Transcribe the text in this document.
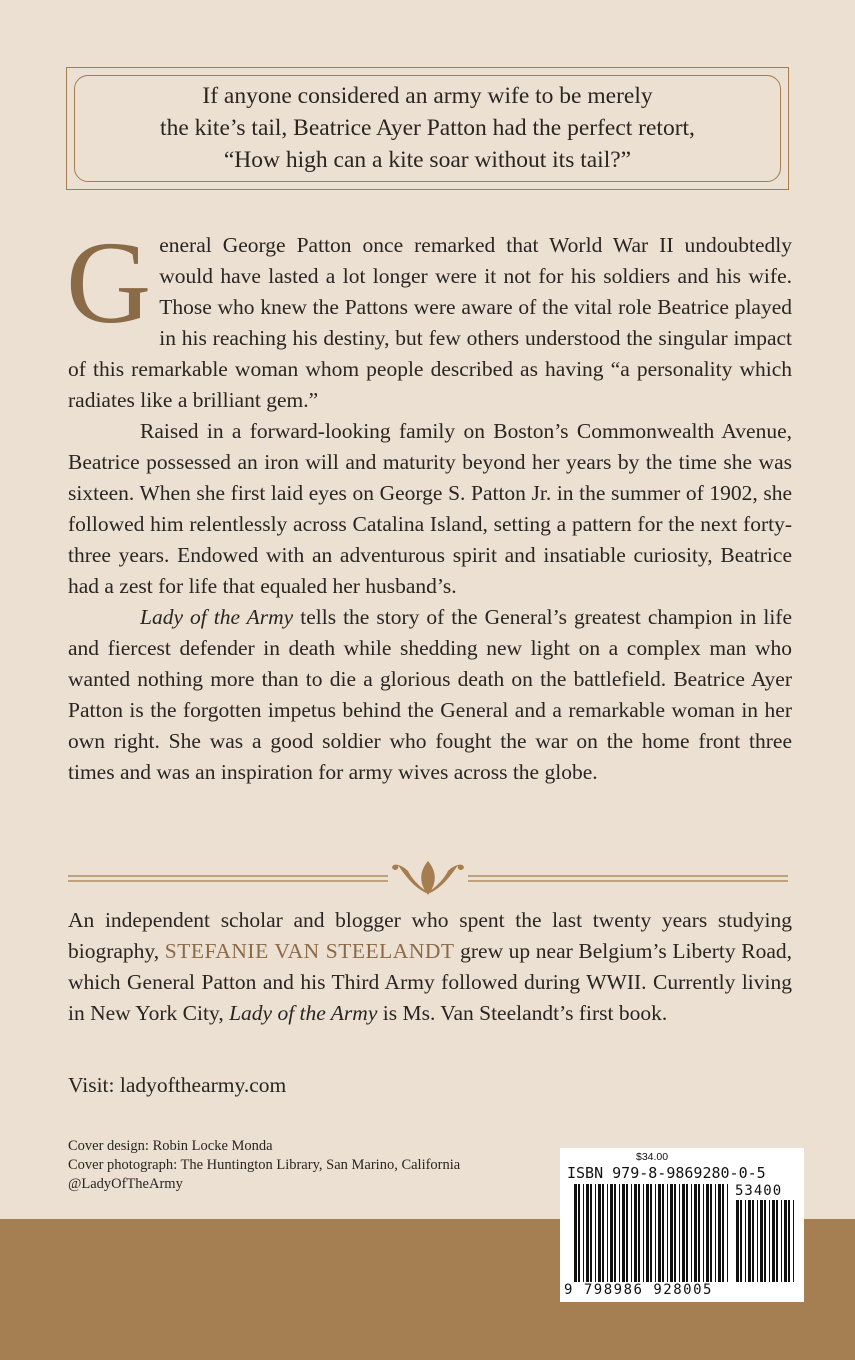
If anyone considered an army wife to be merely
the kite’s tail, Beatrice Ayer Patton had the perfect retort,
“How high can a kite soar without its tail?”

General George Patton once remarked that World War II undoubtedly would have lasted a lot longer were it not for his soldiers and his wife. Those who knew the Pattons were aware of the vital role Beatrice played in his reaching his destiny, but few others understood the singular impact of this remarkable woman whom people described as having “a personality which radiates like a brilliant gem.”

Raised in a forward-looking family on Boston’s Commonwealth Avenue, Beatrice possessed an iron will and maturity beyond her years by the time she was sixteen. When she first laid eyes on George S. Patton Jr. in the summer of 1902, she followed him relentlessly across Catalina Island, setting a pattern for the next forty-three years. Endowed with an adventurous spirit and insatiable curiosity, Beatrice had a zest for life that equaled her husband’s.

Lady of the Army tells the story of the General’s greatest champion in life and fiercest defender in death while shedding new light on a complex man who wanted nothing more than to die a glorious death on the battlefield. Beatrice Ayer Patton is the forgotten impetus behind the General and a remarkable woman in her own right. She was a good soldier who fought the war on the home front three times and was an inspiration for army wives across the globe.

An independent scholar and blogger who spent the last twenty years studying biography, STEFANIE VAN STEELANDT grew up near Belgium’s Liberty Road, which General Patton and his Third Army followed during WWII. Currently living in New York City, Lady of the Army is Ms. Van Steelandt’s first book.

Visit: ladyofthearmy.com
Cover design: Robin Locke Monda
Cover photograph: The Huntington Library, San Marino, California
@LadyOfTheArmy
$34.00
ISBN 979-8-9869280-0-5
53400
9 798986 928005
